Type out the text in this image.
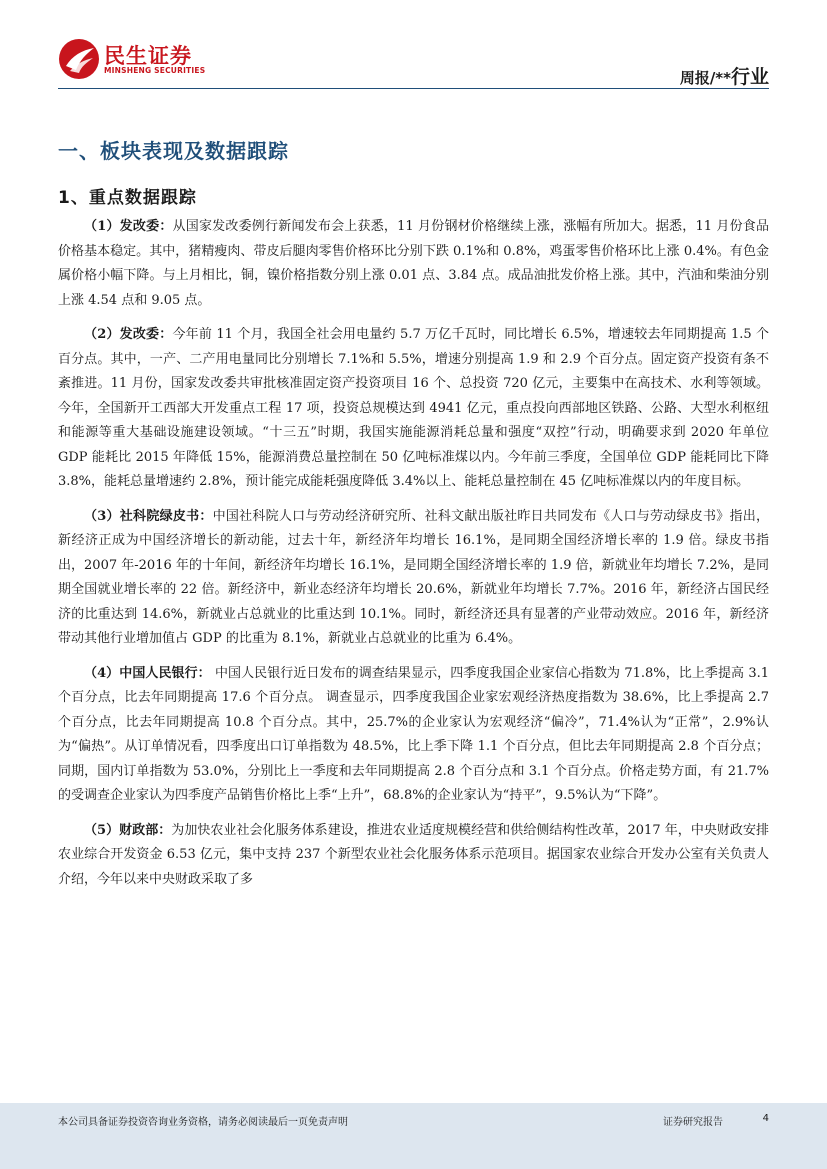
民生证券
MINSHENG SECURITIES	周报/**行业
一、板块表现及数据跟踪
1、重点数据跟踪

（1）发改委：从国家发改委例行新闻发布会上获悉，11 月份钢材价格继续上涨，涨幅有所加大。据悉，11 月份食品价格基本稳定。其中，猪精瘦肉、带皮后腿肉零售价格环比分别下跌 0.1%和 0.8%，鸡蛋零售价格环比上涨 0.4%。有色金属价格小幅下降。与上月相比，铜，镍价格指数分别上涨 0.01 点、3.84 点。成品油批发价格上涨。其中，汽油和柴油分别上涨 4.54 点和 9.05 点。

（2）发改委：今年前 11 个月，我国全社会用电量约 5.7 万亿千瓦时，同比增长 6.5%，增速较去年同期提高 1.5 个百分点。其中，一产、二产用电量同比分别增长 7.1%和 5.5%，增速分别提高 1.9 和 2.9 个百分点。固定资产投资有条不紊推进。11 月份，国家发改委共审批核准固定资产投资项目 16 个、总投资 720 亿元，主要集中在高技术、水利等领域。今年，全国新开工西部大开发重点工程 17 项，投资总规模达到 4941 亿元，重点投向西部地区铁路、公路、大型水利枢纽和能源等重大基础设施建设领域。“十三五”时期，我国实施能源消耗总量和强度“双控”行动，明确要求到 2020 年单位 GDP 能耗比 2015 年降低 15%，能源消费总量控制在 50 亿吨标准煤以内。今年前三季度，全国单位 GDP 能耗同比下降 3.8%，能耗总量增速约 2.8%，预计能完成能耗强度降低 3.4%以上、能耗总量控制在 45 亿吨标准煤以内的年度目标。

（3）社科院绿皮书：中国社科院人口与劳动经济研究所、社科文献出版社昨日共同发布《人口与劳动绿皮书》指出，新经济正成为中国经济增长的新动能，过去十年，新经济年均增长 16.1%，是同期全国经济增长率的 1.9 倍。绿皮书指出，2007 年-2016 年的十年间，新经济年均增长 16.1%，是同期全国经济增长率的 1.9 倍，新就业年均增长 7.2%，是同期全国就业增长率的 22 倍。新经济中，新业态经济年均增长 20.6%，新就业年均增长 7.7%。2016 年，新经济占国民经济的比重达到 14.6%，新就业占总就业的比重达到 10.1%。同时，新经济还具有显著的产业带动效应。2016 年，新经济带动其他行业增加值占 GDP 的比重为 8.1%，新就业占总就业的比重为 6.4%。

（4）中国人民银行： 中国人民银行近日发布的调查结果显示，四季度我国企业家信心指数为 71.8%，比上季提高 3.1 个百分点，比去年同期提高 17.6 个百分点。 调查显示，四季度我国企业家宏观经济热度指数为 38.6%，比上季提高 2.7 个百分点，比去年同期提高 10.8 个百分点。其中，25.7%的企业家认为宏观经济“偏冷”，71.4%认为“正常”，2.9%认为“偏热”。从订单情况看，四季度出口订单指数为 48.5%，比上季下降 1.1 个百分点，但比去年同期提高 2.8 个百分点；同期，国内订单指数为 53.0%，分别比上一季度和去年同期提高 2.8 个百分点和 3.1 个百分点。价格走势方面，有 21.7%的受调查企业家认为四季度产品销售价格比上季“上升”，68.8%的企业家认为“持平”，9.5%认为“下降”。

（5）财政部：为加快农业社会化服务体系建设，推进农业适度规模经营和供给侧结构性改革，2017 年，中央财政安排农业综合开发资金 6.53 亿元，集中支持 237 个新型农业社会化服务体系示范项目。据国家农业综合开发办公室有关负责人介绍，今年以来中央财政采取了多

本公司具备证券投资咨询业务资格，请务必阅读最后一页免责声明	证券研究报告	4
